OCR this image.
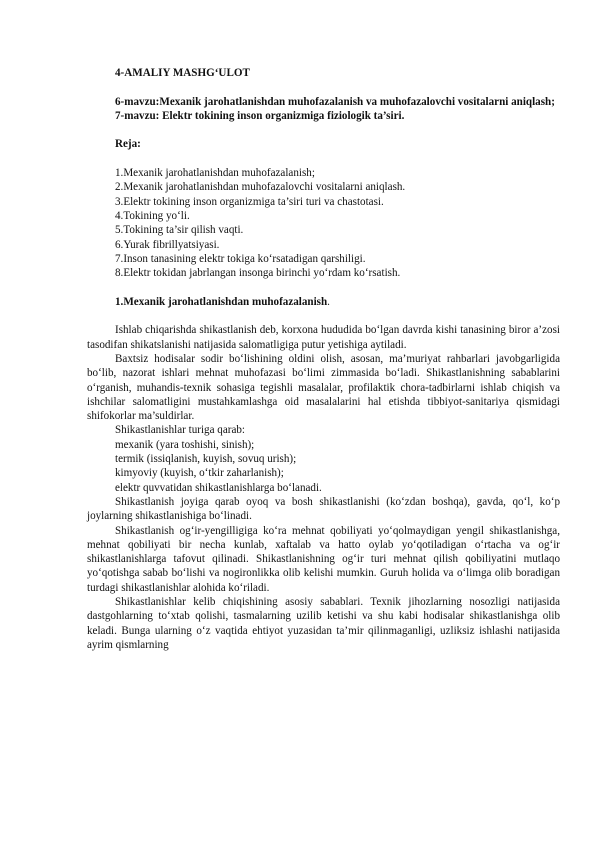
4-AMALIY MASHG‘ULOT

6-mavzu:Mexanik jarohatlanishdan muhofazalanish va muhofazalovchi vositalarni aniqlash;

7-mavzu: Elektr tokining inson organizmiga fiziologik ta’siri.

Reja:

1.Mexanik jarohatlanishdan muhofazalanish;

2.Mexanik jarohatlanishdan muhofazalovchi vositalarni aniqlash.

3.Elektr tokining inson organizmiga ta’siri turi va chastotasi.

4.Tokining yo‘li.

5.Tokining ta’sir qilish vaqti.

6.Yurak fibrillyatsiyasi.

7.Inson tanasining elektr tokiga ko‘rsatadigan qarshiligi.

8.Elektr tokidan jabrlangan insonga birinchi yo‘rdam ko‘rsatish.

1.Mexanik jarohatlanishdan muhofazalanish.

Ishlab chiqarishda shikastlanish deb, korxona hududida bo‘lgan davrda kishi tanasining biror a’zosi tasodifan shikatslanishi natijasida salomatligiga putur yetishiga aytiladi.

Baxtsiz hodisalar sodir bo‘lishining oldini olish, asosan, ma’muriyat rahbarlari javobgarligida bo‘lib, nazorat ishlari mehnat muhofazasi bo‘limi zimmasida bo‘ladi. Shikastlanishning sabablarini o‘rganish, muhandis-texnik sohasiga tegishli masalalar, profilaktik chora-tadbirlarni ishlab chiqish va ishchilar salomatligini mustahkamlashga oid masalalarini hal etishda tibbiyot-sanitariya qismidagi shifokorlar ma’suldirlar.

Shikastlanishlar turiga qarab:

mexanik (yara toshishi, sinish);

termik (issiqlanish, kuyish, sovuq urish);

kimyoviy (kuyish, o‘tkir zaharlanish);

elektr quvvatidan shikastlanishlarga bo‘lanadi.

Shikastlanish joyiga qarab oyoq va bosh shikastlanishi (ko‘zdan boshqa), gavda, qo‘l, ko‘p joylarning shikastlanishiga bo‘linadi.

Shikastlanish og‘ir-yengilligiga ko‘ra mehnat qobiliyati yo‘qolmaydigan yengil shikastlanishga, mehnat qobiliyati bir necha kunlab, xaftalab va hatto oylab yo‘qotiladigan o‘rtacha va og‘ir shikastlanishlarga tafovut qilinadi. Shikastlanishning og‘ir turi mehnat qilish qobiliyatini mutlaqo yo‘qotishga sabab bo‘lishi va nogironlikka olib kelishi mumkin. Guruh holida va o‘limga olib boradigan turdagi shikastlanishlar alohida ko‘riladi.

Shikastlanishlar kelib chiqishining asosiy sabablari. Texnik jihozlarning nosozligi natijasida dastgohlarning to‘xtab qolishi, tasmalarning uzilib ketishi va shu kabi hodisalar shikastlanishga olib keladi. Bunga ularning o‘z vaqtida ehtiyot yuzasidan ta’mir qilinmaganligi, uzliksiz ishlashi natijasida ayrim qismlarning
